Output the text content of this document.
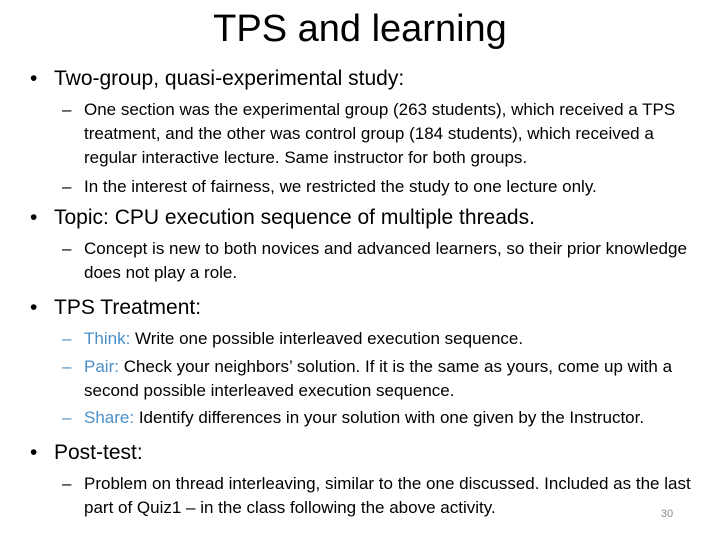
TPS and learning
• Two-group, quasi-experimental study:
– One section was the experimental group (263 students), which received a TPS treatment, and the other was control group (184 students), which received a regular interactive lecture. Same instructor for both groups.
– In the interest of fairness, we restricted the study to one lecture only.
• Topic: CPU execution sequence of multiple threads.
– Concept is new to both novices and advanced learners, so their prior knowledge does not play a role.
• TPS Treatment:
– Think: Write one possible interleaved execution sequence.
– Pair: Check your neighbors’ solution. If it is the same as yours, come up with a second possible interleaved execution sequence.
– Share: Identify differences in your solution with one given by the Instructor.
• Post-test:
– Problem on thread interleaving, similar to the one discussed. Included as the last part of Quiz1 – in the class following the above activity.	30
